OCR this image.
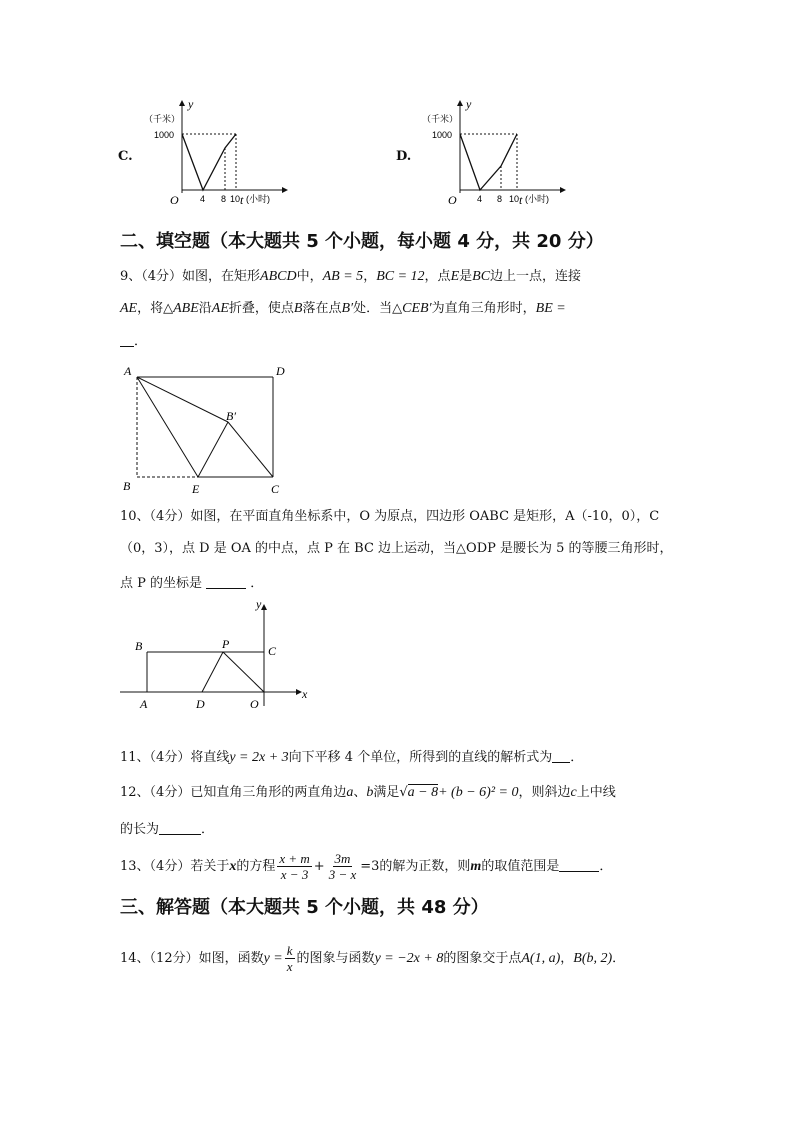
C.
y
（千米）
1000
O 4 8 10 t (小时)
D.
y
（千米）
1000
O 4 8 10 t (小时)
二、填空题（本大题共 5 个小题，每小题 4 分，共 20 分）
9、（4分）如图，在矩形ABCD中，AB = 5，BC = 12，点E是BC边上一点，连接
AE，将△ABE沿AE折叠，使点B落在点B′处．当△CEB′为直角三角形时，BE =
．
A	D
B	E	C
B′
10、（4分）如图，在平面直角坐标系中，O 为原点，四边形 OABC 是矩形，A（-10，0），C
（0，3），点 D 是 OA 的中点，点 P 在 BC 边上运动，当△ODP 是腰长为 5 的等腰三角形时，
点 P 的坐标是	．
y
x
B	P	C
A	D	O
11、（4分）将直线y = 2x + 3向下平移 4 个单位，所得到的直线的解析式为 ．
12、（4分）已知直角三角形的两直角边a、b满足√a − 8+ (b − 6)² = 0，则斜边c上中线
的长为	．
13、（4分）若关于x的方程 $\frac{x + m}{x - 3} + \frac{3m}{3 - x} =3$的解为正数，则m的取值范围是	．
三、解答题（本大题共 5 个小题，共 48 分）
14、（12分）如图，函数$y = \frac{k}{x}$ 的图象与函数y = −2x + 8的图象交于点A(1, a)，B(b, 2)．
